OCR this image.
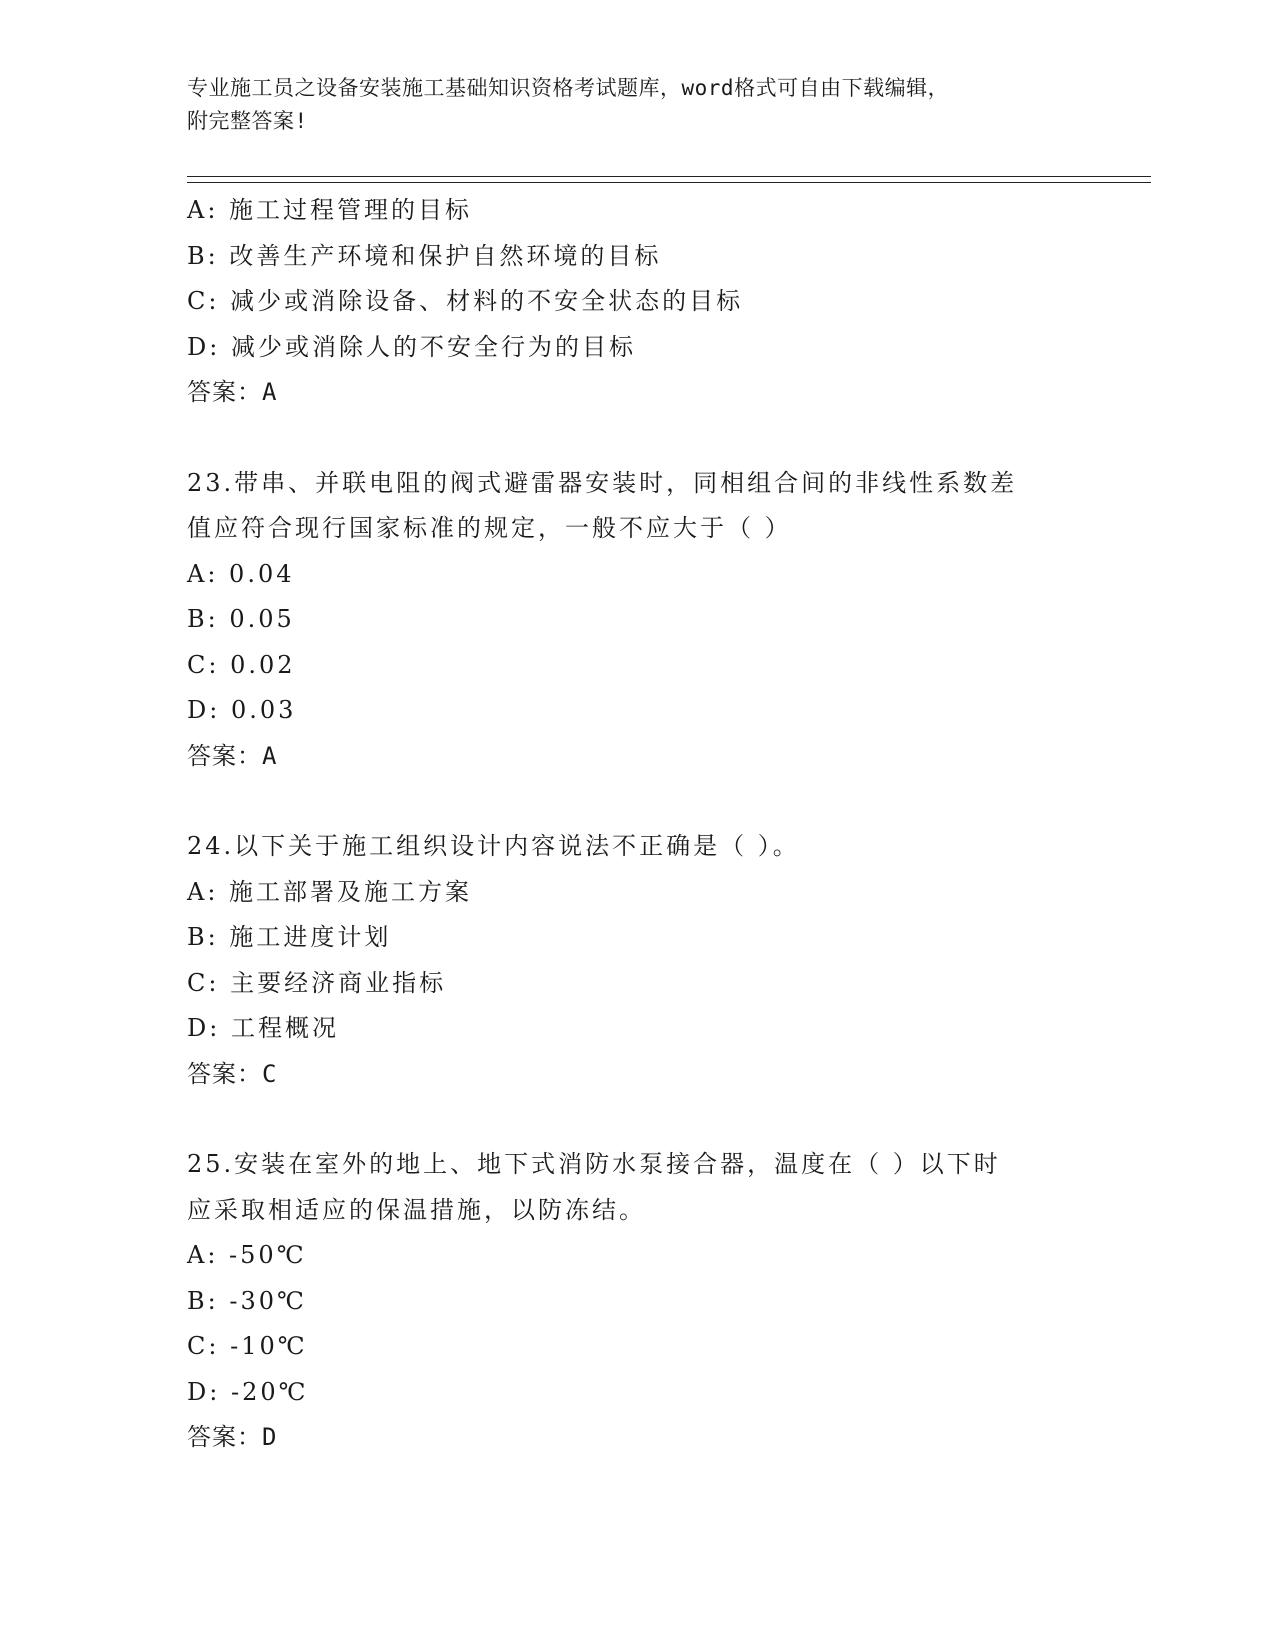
专业施工员之设备安装施工基础知识资格考试题库，word格式可自由下载编辑，
附完整答案!
A: 施工过程管理的目标
B: 改善生产环境和保护自然环境的目标
C: 减少或消除设备、材料的不安全状态的目标
D: 减少或消除人的不安全行为的目标
答案：A
23.带串、并联电阻的阀式避雷器安装时，同相组合间的非线性系数差
值应符合现行国家标准的规定，一般不应大于（ ）
A: 0.04
B: 0.05
C: 0.02
D: 0.03
答案：A
24.以下关于施工组织设计内容说法不正确是（ ）。
A: 施工部署及施工方案
B: 施工进度计划
C: 主要经济商业指标
D: 工程概况
答案：C
25.安装在室外的地上、地下式消防水泵接合器，温度在（ ）以下时
应采取相适应的保温措施，以防冻结。
A: -50℃
B: -30℃
C: -10℃
D: -20℃
答案：D
